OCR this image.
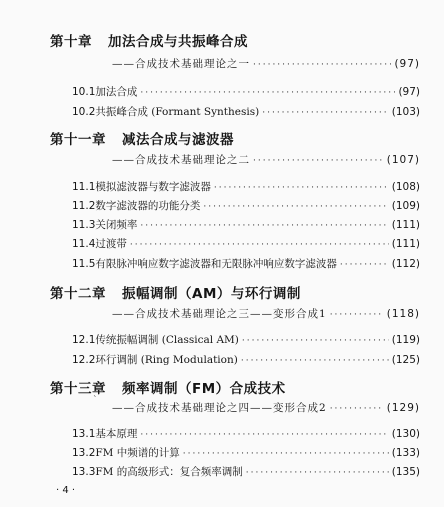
第十章 加法合成与共振峰合成
——合成技术基础理论之一 ·····	(97)
10.1 加法合成 ·····	(97)
10.2 共振峰合成 (Formant Synthesis) ·····	(103)
第十一章 减法合成与滤波器
——合成技术基础理论之二 ·····	(107)
11.1 模拟滤波器与数字滤波器 ·····	(108)
11.2 数字滤波器的功能分类 ·····	(109)
11.3 关闭频率 ·····	(111)
11.4 过渡带 ·····	(111)
11.5 有限脉冲响应数字滤波器和无限脉冲响应数字滤波器 ·····	(112)
第十二章 振幅调制（AM）与环行调制
——合成技术基础理论之三——变形合成1 ·····	(118)
12.1 传统振幅调制 (Classical AM) ·····	(119)
12.2 环行调制 (Ring Modulation) ·····	(125)
第十三章 频率调制（FM）合成技术
`
——合成技术基础理论之四——变形合成2 ·····	(129)
13.1 基本原理 ·····	(130)
13.2 FM 中频谱的计算 ·····	(133)
13.3 FM 的高级形式：复合频率调制 ·····	(135)
· 4 ·
